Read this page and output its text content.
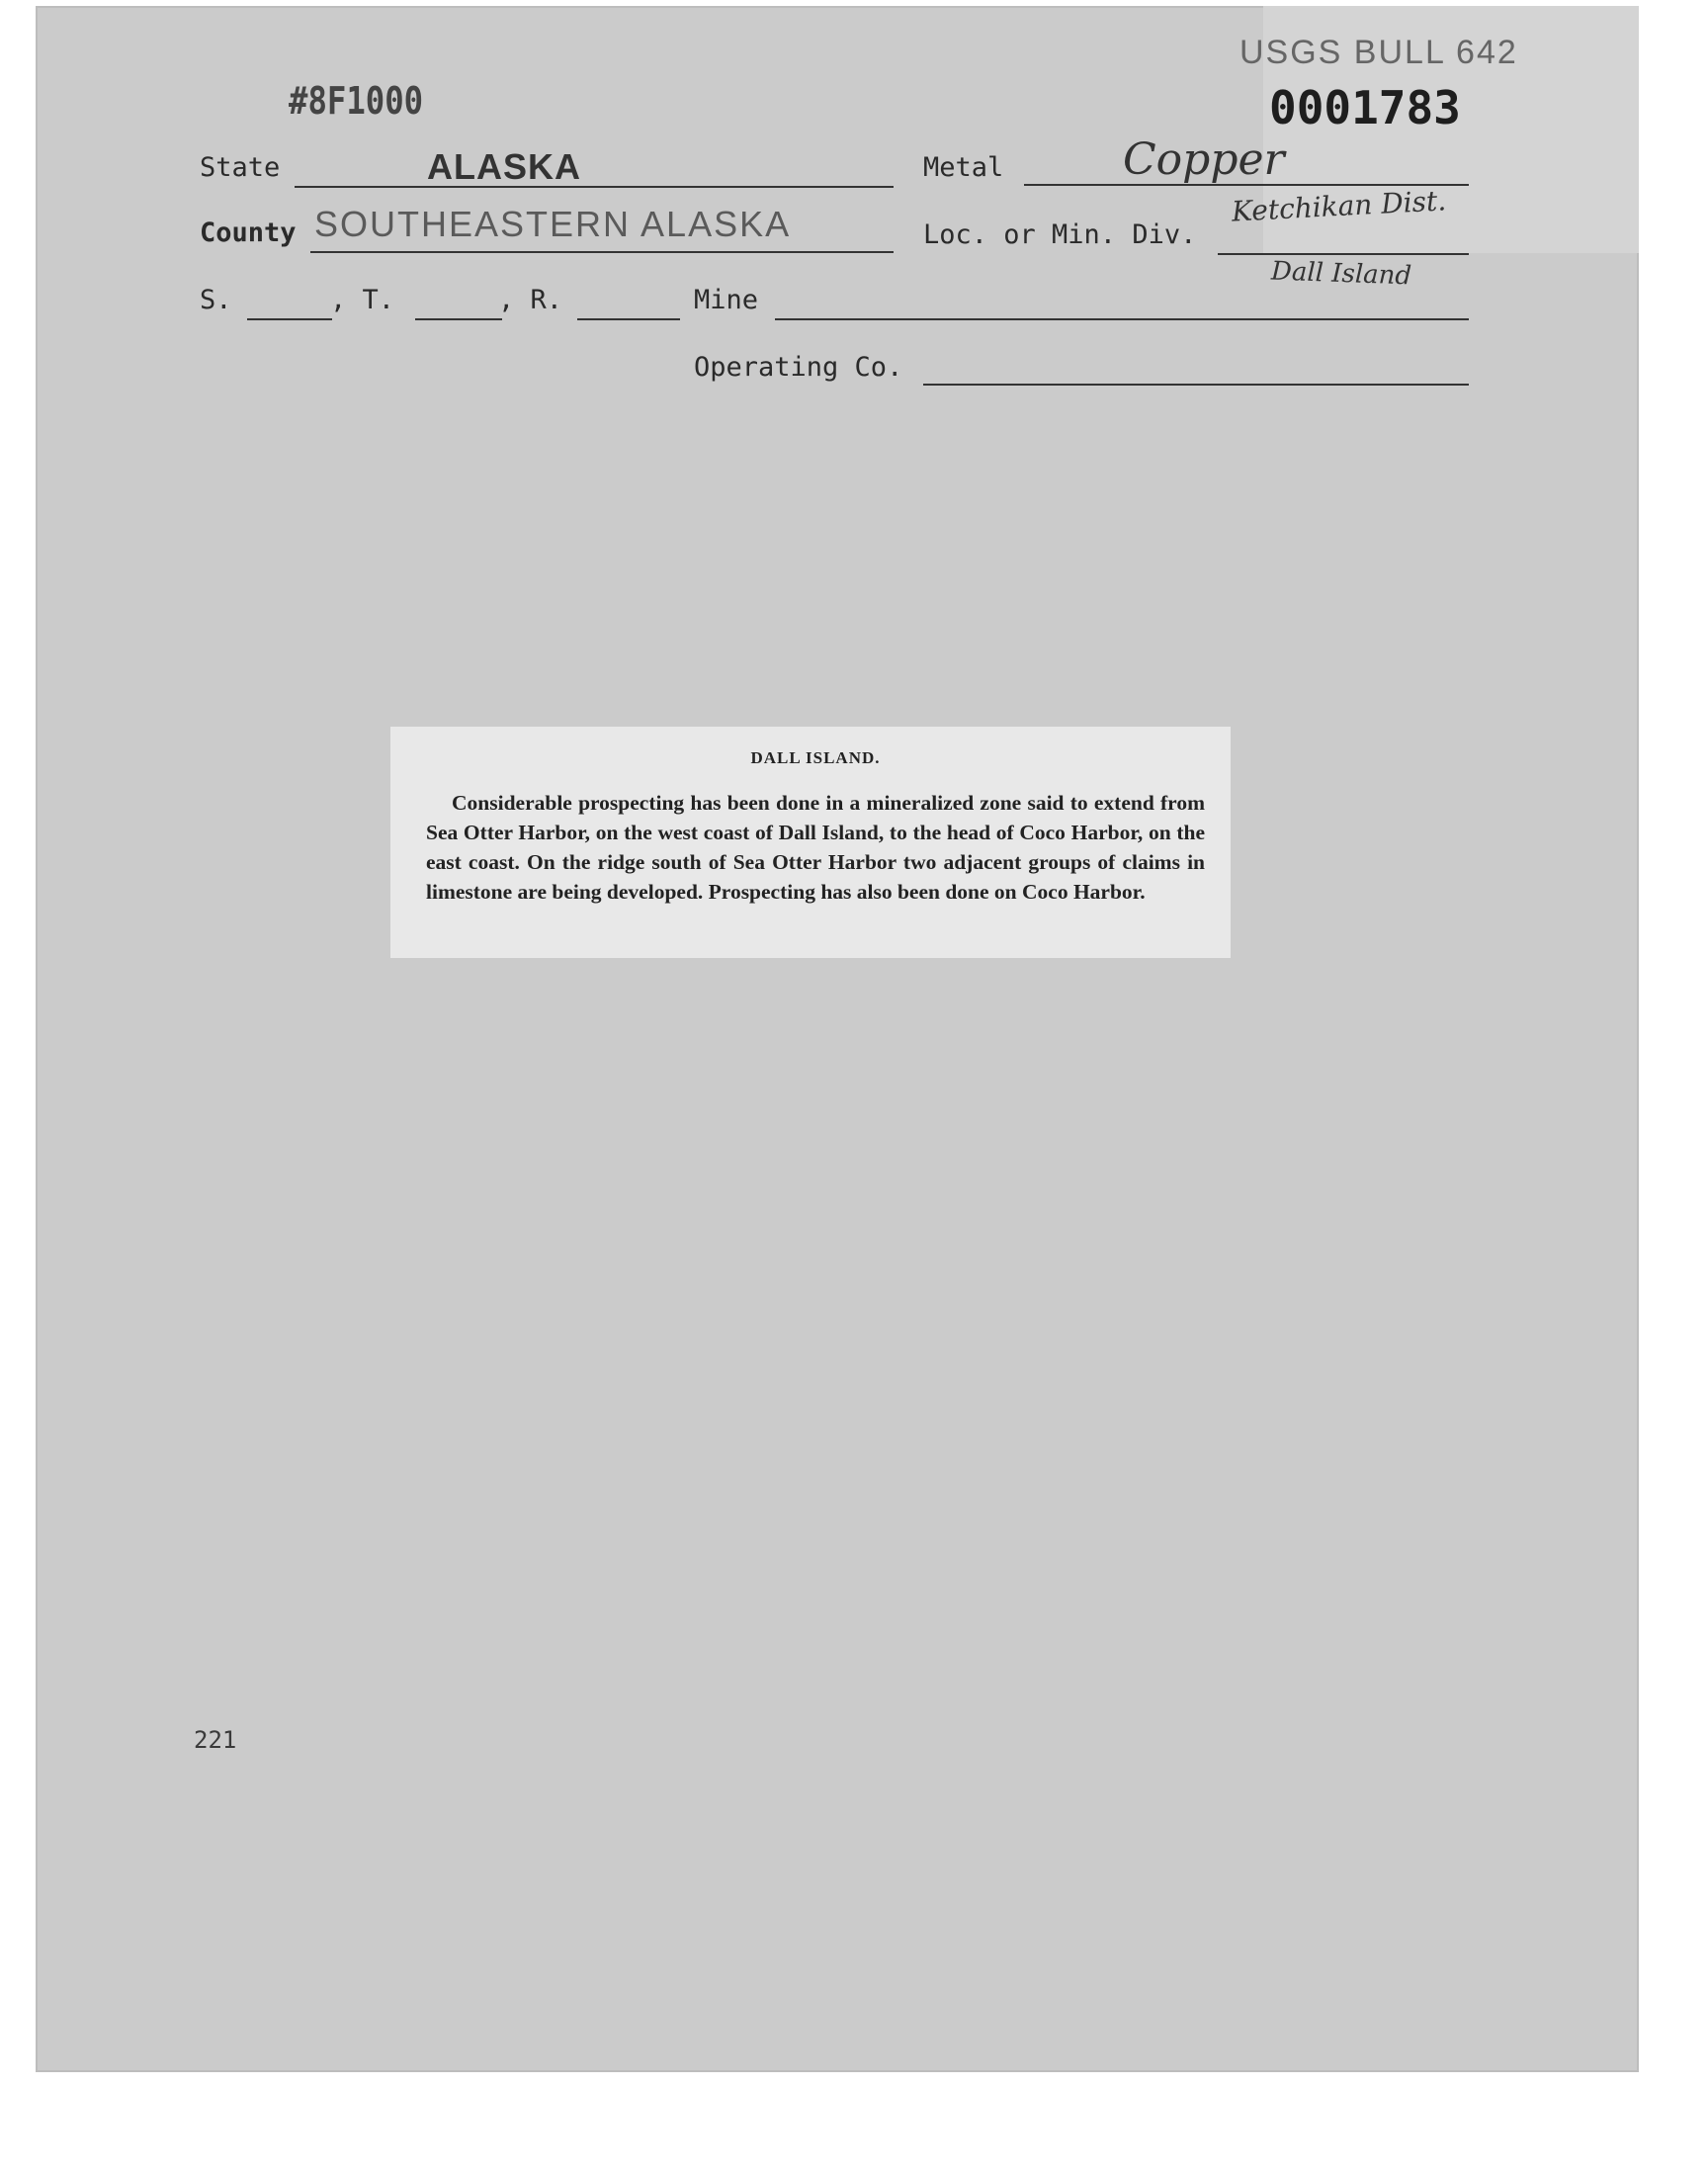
#8F1000
USGS BULL 642
0001783
State	ALASKA	Metal	Copper
County SOUTHEASTERN ALASKA	Loc. or Min. Div.
Ketchikan Dist.
Dall Island
S.	, T.	, R.	Mine
Operating Co.
221
DALL ISLAND.

Considerable prospecting has been done in a mineralized zone said to extend from Sea Otter Harbor, on the west coast of Dall Island, to the head of Coco Harbor, on the east coast. On the ridge south of Sea Otter Harbor two adjacent groups of claims in limestone are being developed. Prospecting has also been done on Coco Harbor.
